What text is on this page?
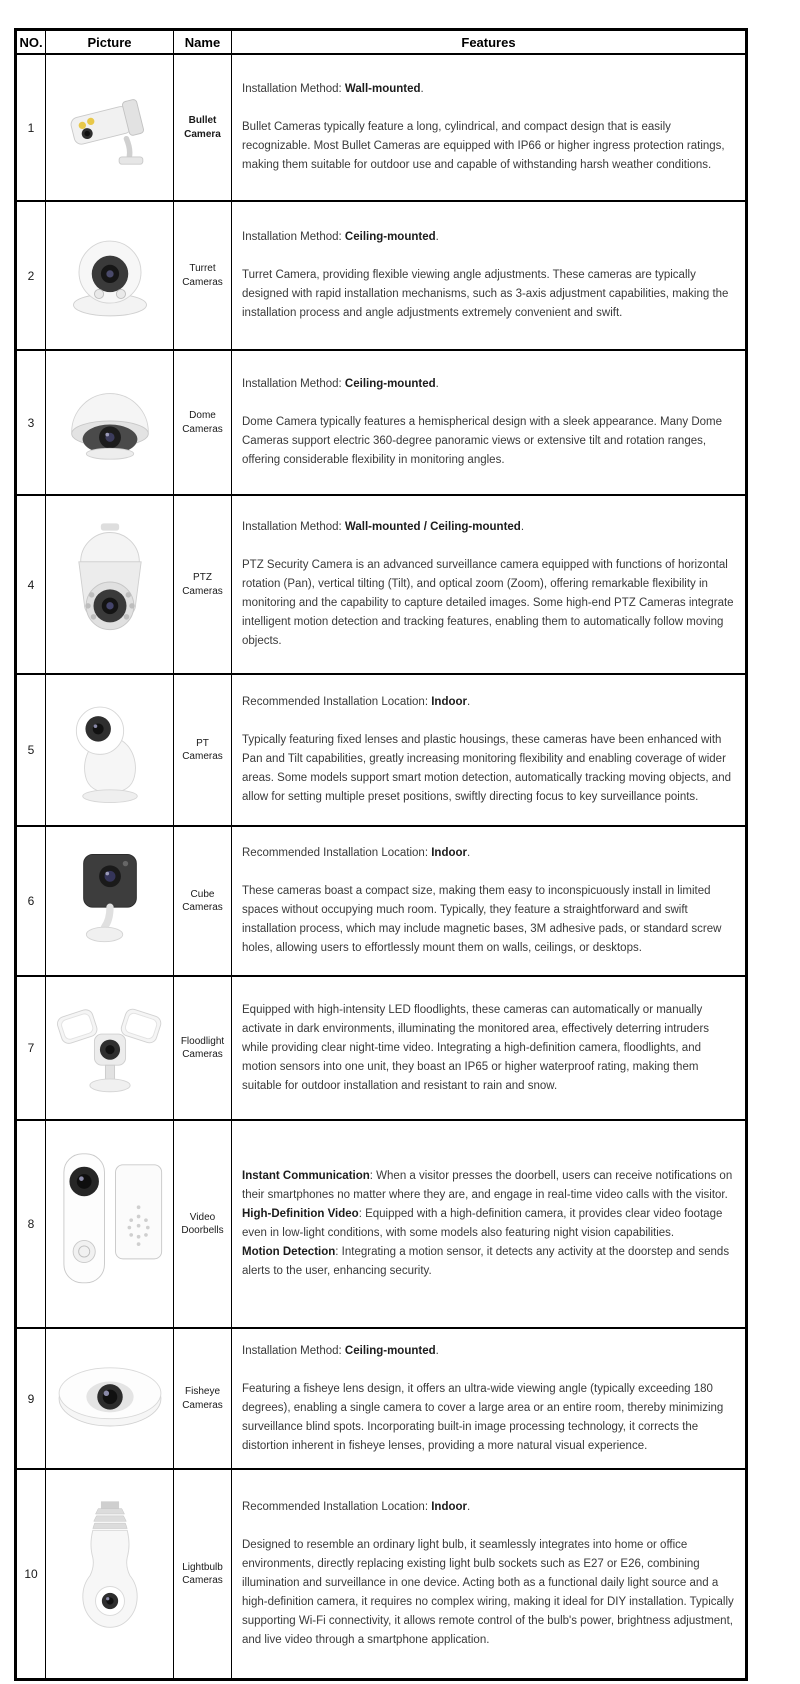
NO.	Picture	Name	Features
1		Bullet Camera	Installation Method: Wall-mounted.

Bullet Cameras typically feature a long, cylindrical, and compact design that is easily recognizable. Most Bullet Cameras are equipped with IP66 or higher ingress protection ratings, making them suitable for outdoor use and capable of withstanding harsh weather conditions.

2		Turret Cameras	Installation Method: Ceiling-mounted.

Turret Camera, providing flexible viewing angle adjustments. These cameras are typically designed with rapid installation mechanisms, such as 3-axis adjustment capabilities, making the installation process and angle adjustments extremely convenient and swift.

3		Dome Cameras	Installation Method: Ceiling-mounted.

Dome Camera typically features a hemispherical design with a sleek appearance. Many Dome Cameras support electric 360-degree panoramic views or extensive tilt and rotation ranges, offering considerable flexibility in monitoring angles.

4		PTZ Cameras	Installation Method: Wall-mounted / Ceiling-mounted.

PTZ Security Camera is an advanced surveillance camera equipped with functions of horizontal rotation (Pan), vertical tilting (Tilt), and optical zoom (Zoom), offering remarkable flexibility in monitoring and the capability to capture detailed images. Some high-end PTZ Cameras integrate intelligent motion detection and tracking features, enabling them to automatically follow moving objects.

5		PT Cameras	Recommended Installation Location: Indoor.

Typically featuring fixed lenses and plastic housings, these cameras have been enhanced with Pan and Tilt capabilities, greatly increasing monitoring flexibility and enabling coverage of wider areas. Some models support smart motion detection, automatically tracking moving objects, and allow for setting multiple preset positions, swiftly directing focus to key surveillance points.

6		Cube Cameras	Recommended Installation Location: Indoor.

These cameras boast a compact size, making them easy to inconspicuously install in limited spaces without occupying much room. Typically, they feature a straightforward and swift installation process, which may include magnetic bases, 3M adhesive pads, or standard screw holes, allowing users to effortlessly mount them on walls, ceilings, or desktops.

7		Floodlight Cameras	Equipped with high-intensity LED floodlights, these cameras can automatically or manually activate in dark environments, illuminating the monitored area, effectively deterring intruders while providing clear night-time video. Integrating a high-definition camera, floodlights, and motion sensors into one unit, they boast an IP65 or higher waterproof rating, making them suitable for outdoor installation and resistant to rain and snow.

8		Video Doorbells	Instant Communication: When a visitor presses the doorbell, users can receive notifications on their smartphones no matter where they are, and engage in real-time video calls with the visitor.

High-Definition Video: Equipped with a high-definition camera, it provides clear video footage even in low-light conditions, with some models also featuring night vision capabilities.

Motion Detection: Integrating a motion sensor, it detects any activity at the doorstep and sends alerts to the user, enhancing security.

9		Fisheye Cameras	Installation Method: Ceiling-mounted.

Featuring a fisheye lens design, it offers an ultra-wide viewing angle (typically exceeding 180 degrees), enabling a single camera to cover a large area or an entire room, thereby minimizing surveillance blind spots. Incorporating built-in image processing technology, it corrects the distortion inherent in fisheye lenses, providing a more natural visual experience.

10		Lightbulb Cameras	Recommended Installation Location: Indoor.

Designed to resemble an ordinary light bulb, it seamlessly integrates into home or office environments, directly replacing existing light bulb sockets such as E27 or E26, combining illumination and surveillance in one device. Acting both as a functional daily light source and a high-definition camera, it requires no complex wiring, making it ideal for DIY installation. Typically supporting Wi-Fi connectivity, it allows remote control of the bulb's power, brightness adjustment, and live video through a smartphone application.
